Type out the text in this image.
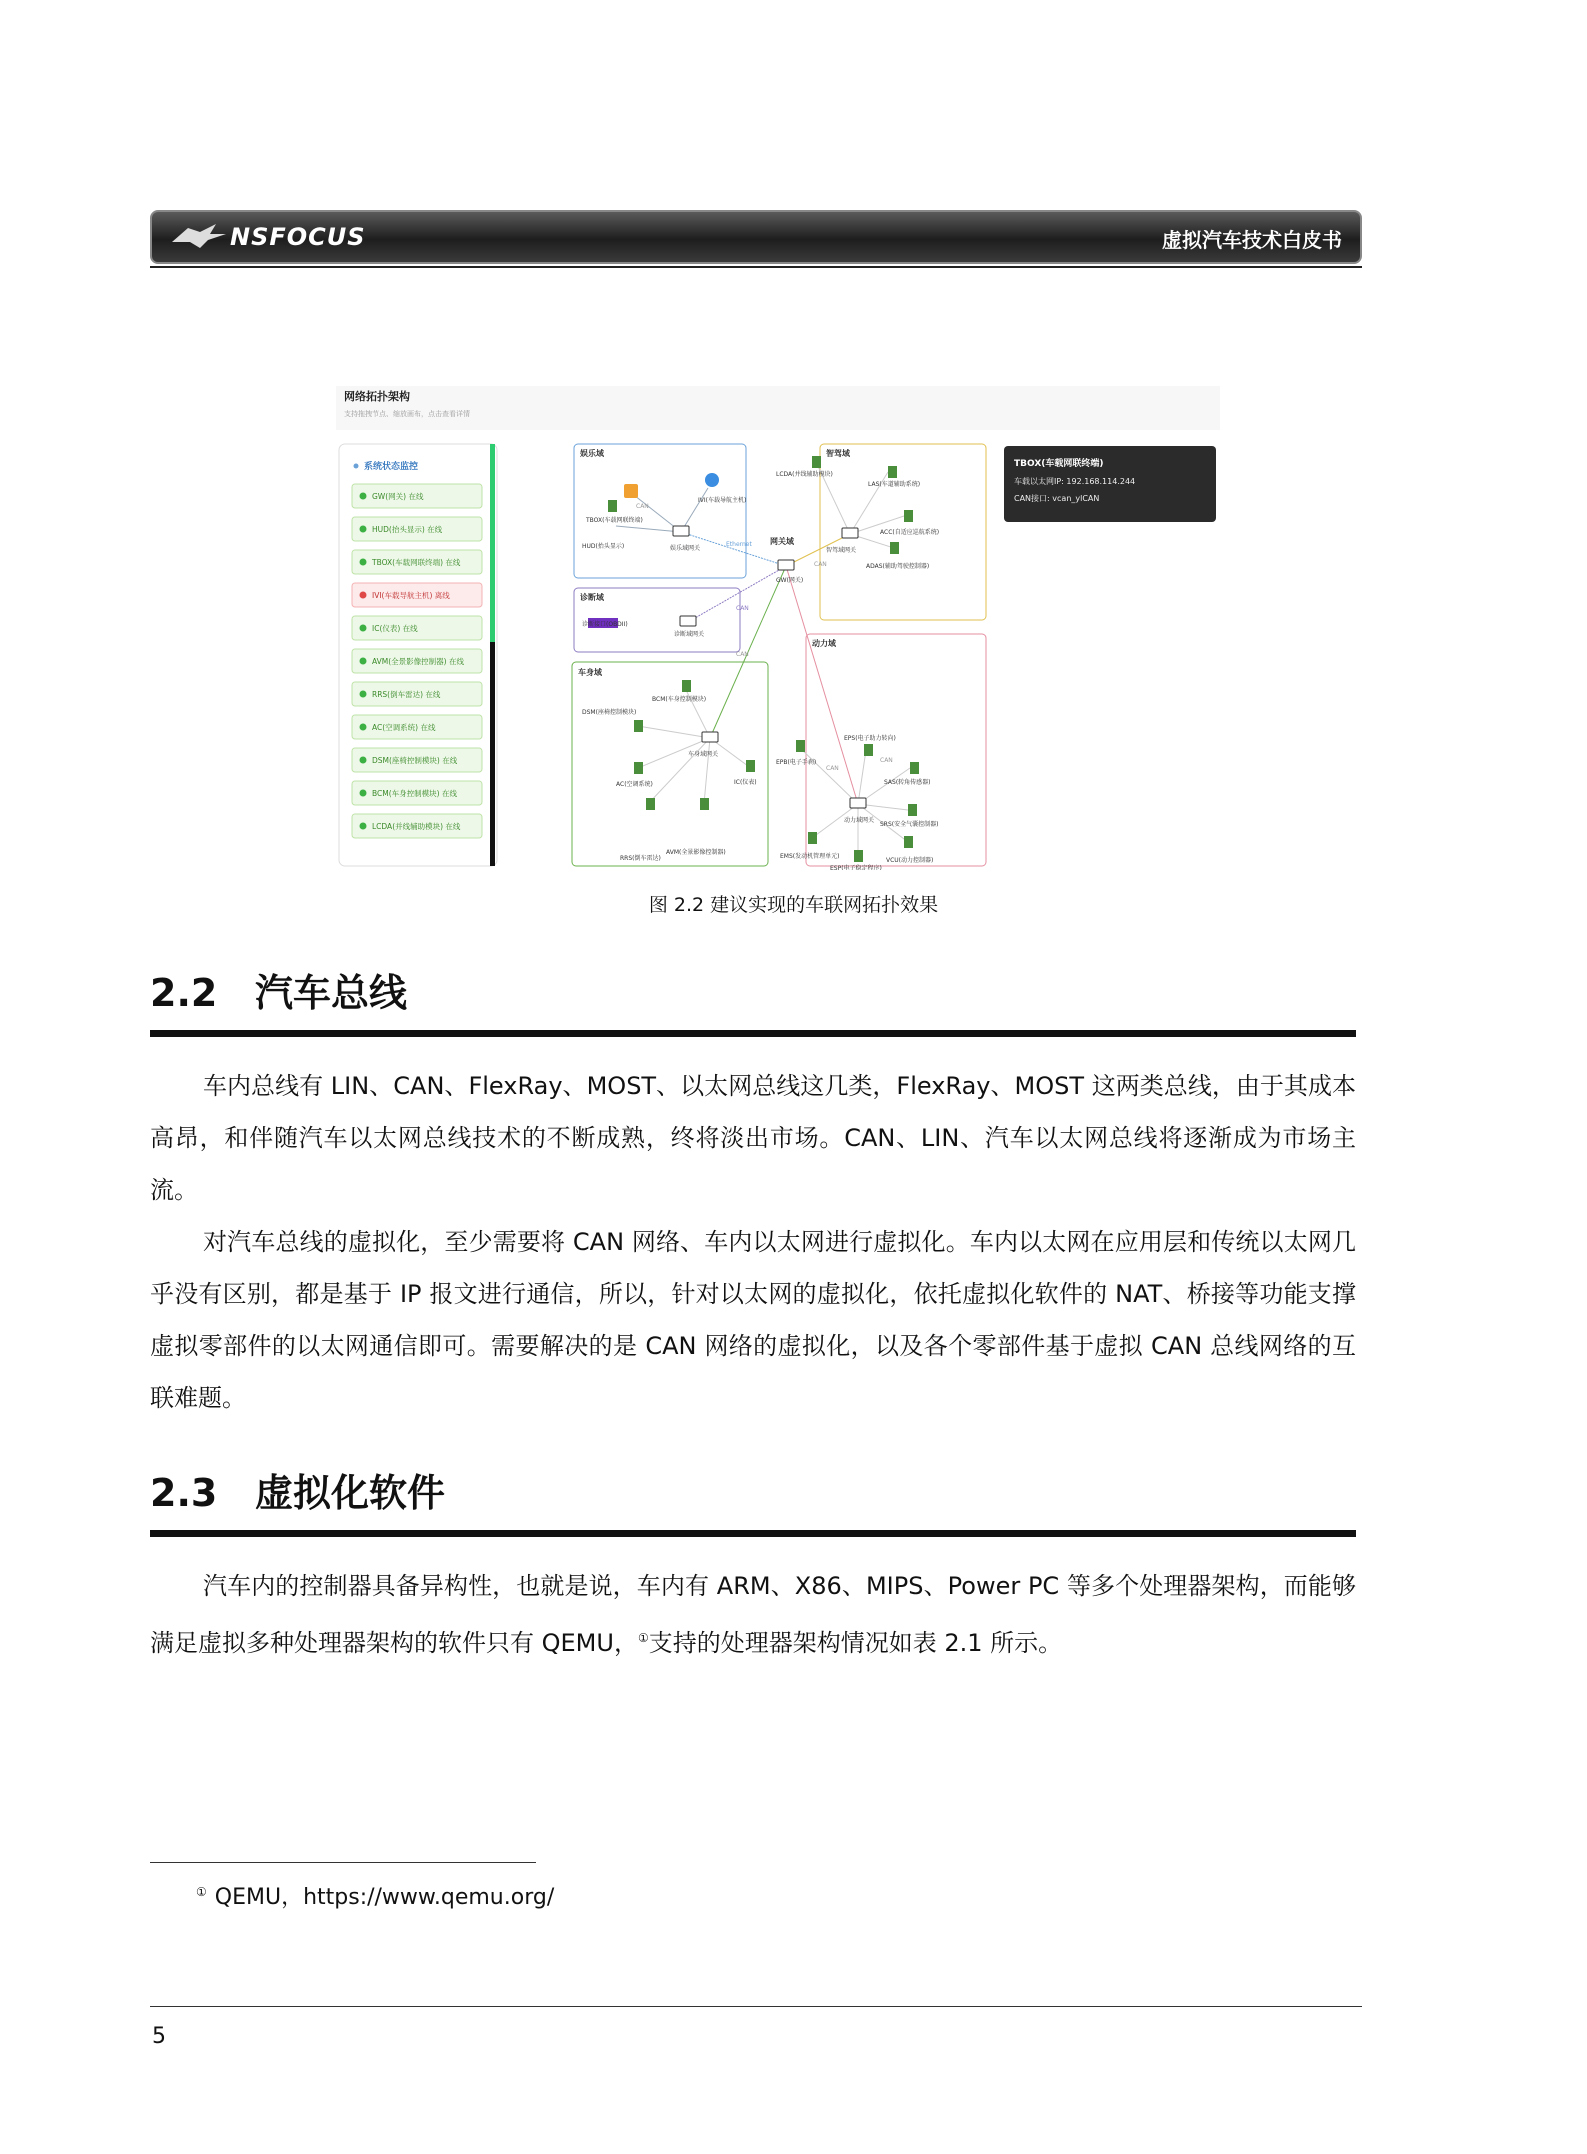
NSFOCUS	虚拟汽车技术白皮书
网络拓扑架构
支持拖拽节点、缩放画布，点击查看详情
系统状态监控
GW(网关) 在线
HUD(抬头显示) 在线
TBOX(车载网联终端) 在线
IVI(车载导航主机) 离线
IC(仪表) 在线
AVM(全景影像控制器) 在线
RRS(倒车雷达) 在线
AC(空调系统) 在线
DSM(座椅控制模块) 在线
BCM(车身控制模块) 在线
LCDA(并线辅助模块) 在线
娱乐域
诊断域
车身域
智驾域
动力域
网关域
Ethernet
CAN
CAN
CAN
CAN
CAN
CAN
TBOX(车载网联终端)
IVI(车载导航主机)
HUD(抬头显示)	娱乐域网关
诊断接口(OBDII)
诊断域网关
GW(网关)
LCDA(并线辅助模块)
LAS(车道辅助系统)
智驾域网关
ACC(自适应巡航系统)
ADAS(辅助驾驶控制器)
BCM(车身控制模块)
DSM(座椅控制模块)
车身域网关
AC(空调系统)	IC(仪表)
RRS(倒车雷达)
AVM(全景影像控制器)
EPS(电子助力转向)
SAS(转角传感器)
EPB(电子手刹)
动力域网关
SRS(安全气囊控制器)
EMS(发动机管理单元)
VCU(动力控制器)
ESP(电子稳定程序)
TBOX(车载网联终端)
车载以太网IP: 192.168.114.244
CAN接口: vcan_ylCAN
图 2.2 建议实现的车联网拓扑效果
2.2 汽车总线

车内总线有 LIN、CAN、FlexRay、MOST、以太网总线这几类，FlexRay、MOST 这两类总线，由于其成本高昂，和伴随汽车以太网总线技术的不断成熟，终将淡出市场。CAN、LIN、汽车以太网总线将逐渐成为市场主流。

对汽车总线的虚拟化，至少需要将 CAN 网络、车内以太网进行虚拟化。车内以太网在应用层和传统以太网几乎没有区别，都是基于 IP 报文进行通信，所以，针对以太网的虚拟化，依托虚拟化软件的 NAT、桥接等功能支撑虚拟零部件的以太网通信即可。需要解决的是 CAN 网络的虚拟化，以及各个零部件基于虚拟 CAN 总线网络的互联难题。

2.3 虚拟化软件

汽车内的控制器具备异构性，也就是说，车内有 ARM、X86、MIPS、Power PC 等多个处理器架构，而能够满足虚拟多种处理器架构的软件只有 QEMU，①支持的处理器架构情况如表 2.1 所示。

① QEMU，https://www.qemu.org/
5
